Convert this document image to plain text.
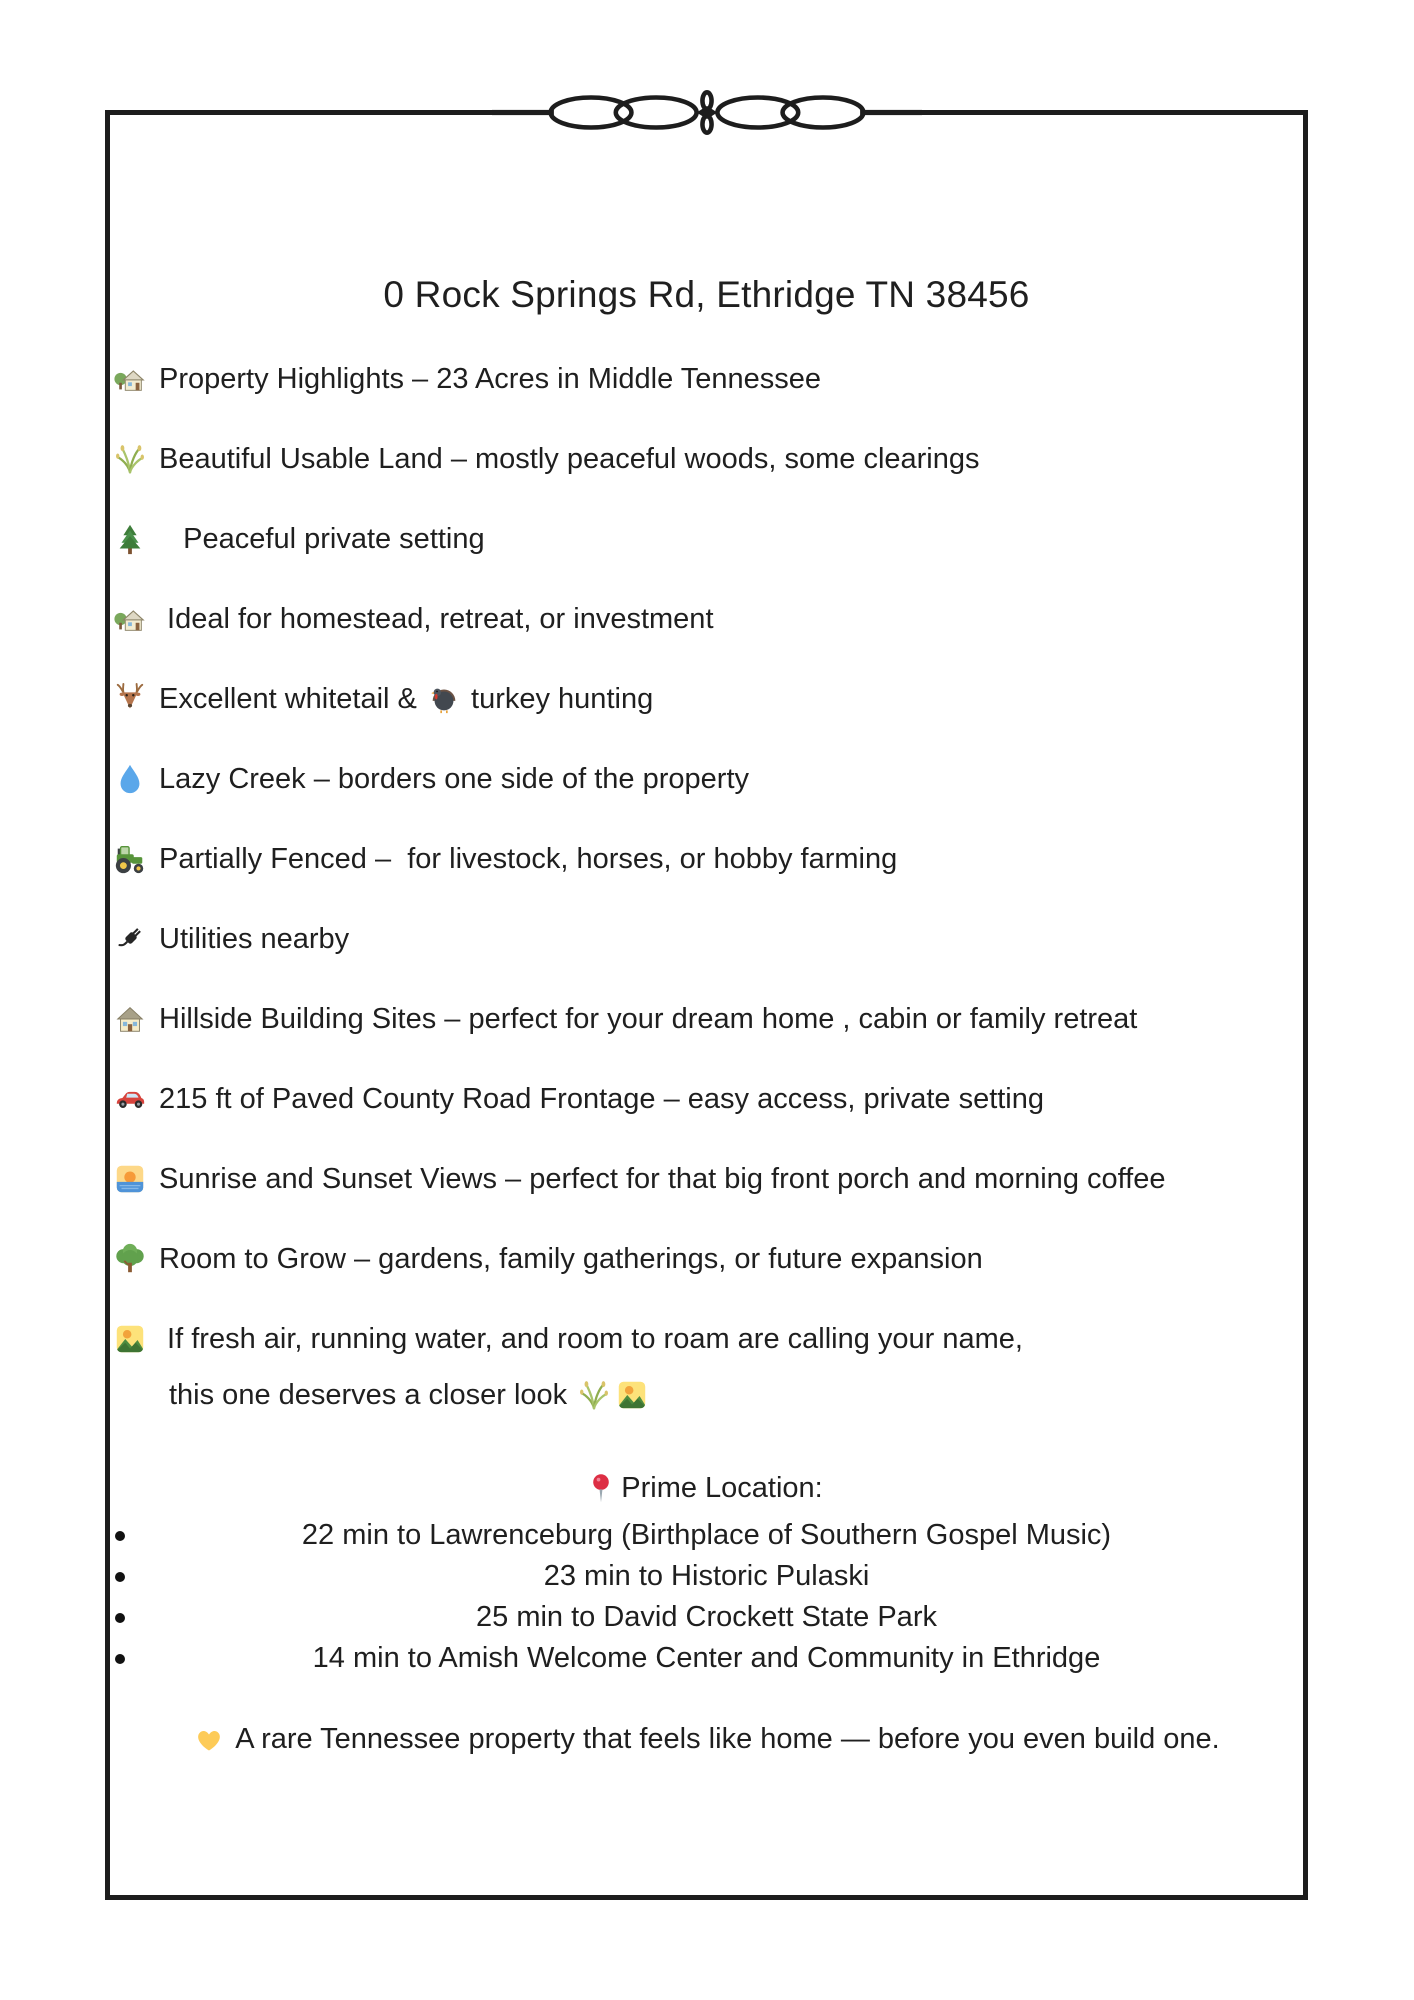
0 Rock Springs Rd, Ethridge TN 38456
Property Highlights – 23 Acres in Middle Tennessee
Beautiful Usable Land – mostly peaceful woods, some clearings
Peaceful private setting
Ideal for homestead, retreat, or investment
Excellent whitetail & turkey hunting
Lazy Creek – borders one side of the property
Partially Fenced –  for livestock, horses, or hobby farming
Utilities nearby
Hillside Building Sites – perfect for your dream home , cabin or family retreat
215 ft of Paved County Road Frontage – easy access, private setting
Sunrise and Sunset Views – perfect for that big front porch and morning coffee
Room to Grow – gardens, family gatherings, or future expansion
If fresh air, running water, and room to roam are calling your name,
this one deserves a closer look
Prime Location:
22 min to Lawrenceburg (Birthplace of Southern Gospel Music)
23 min to Historic Pulaski
25 min to David Crockett State Park
14 min to Amish Welcome Center and Community in Ethridge
A rare Tennessee property that feels like home — before you even build one.
